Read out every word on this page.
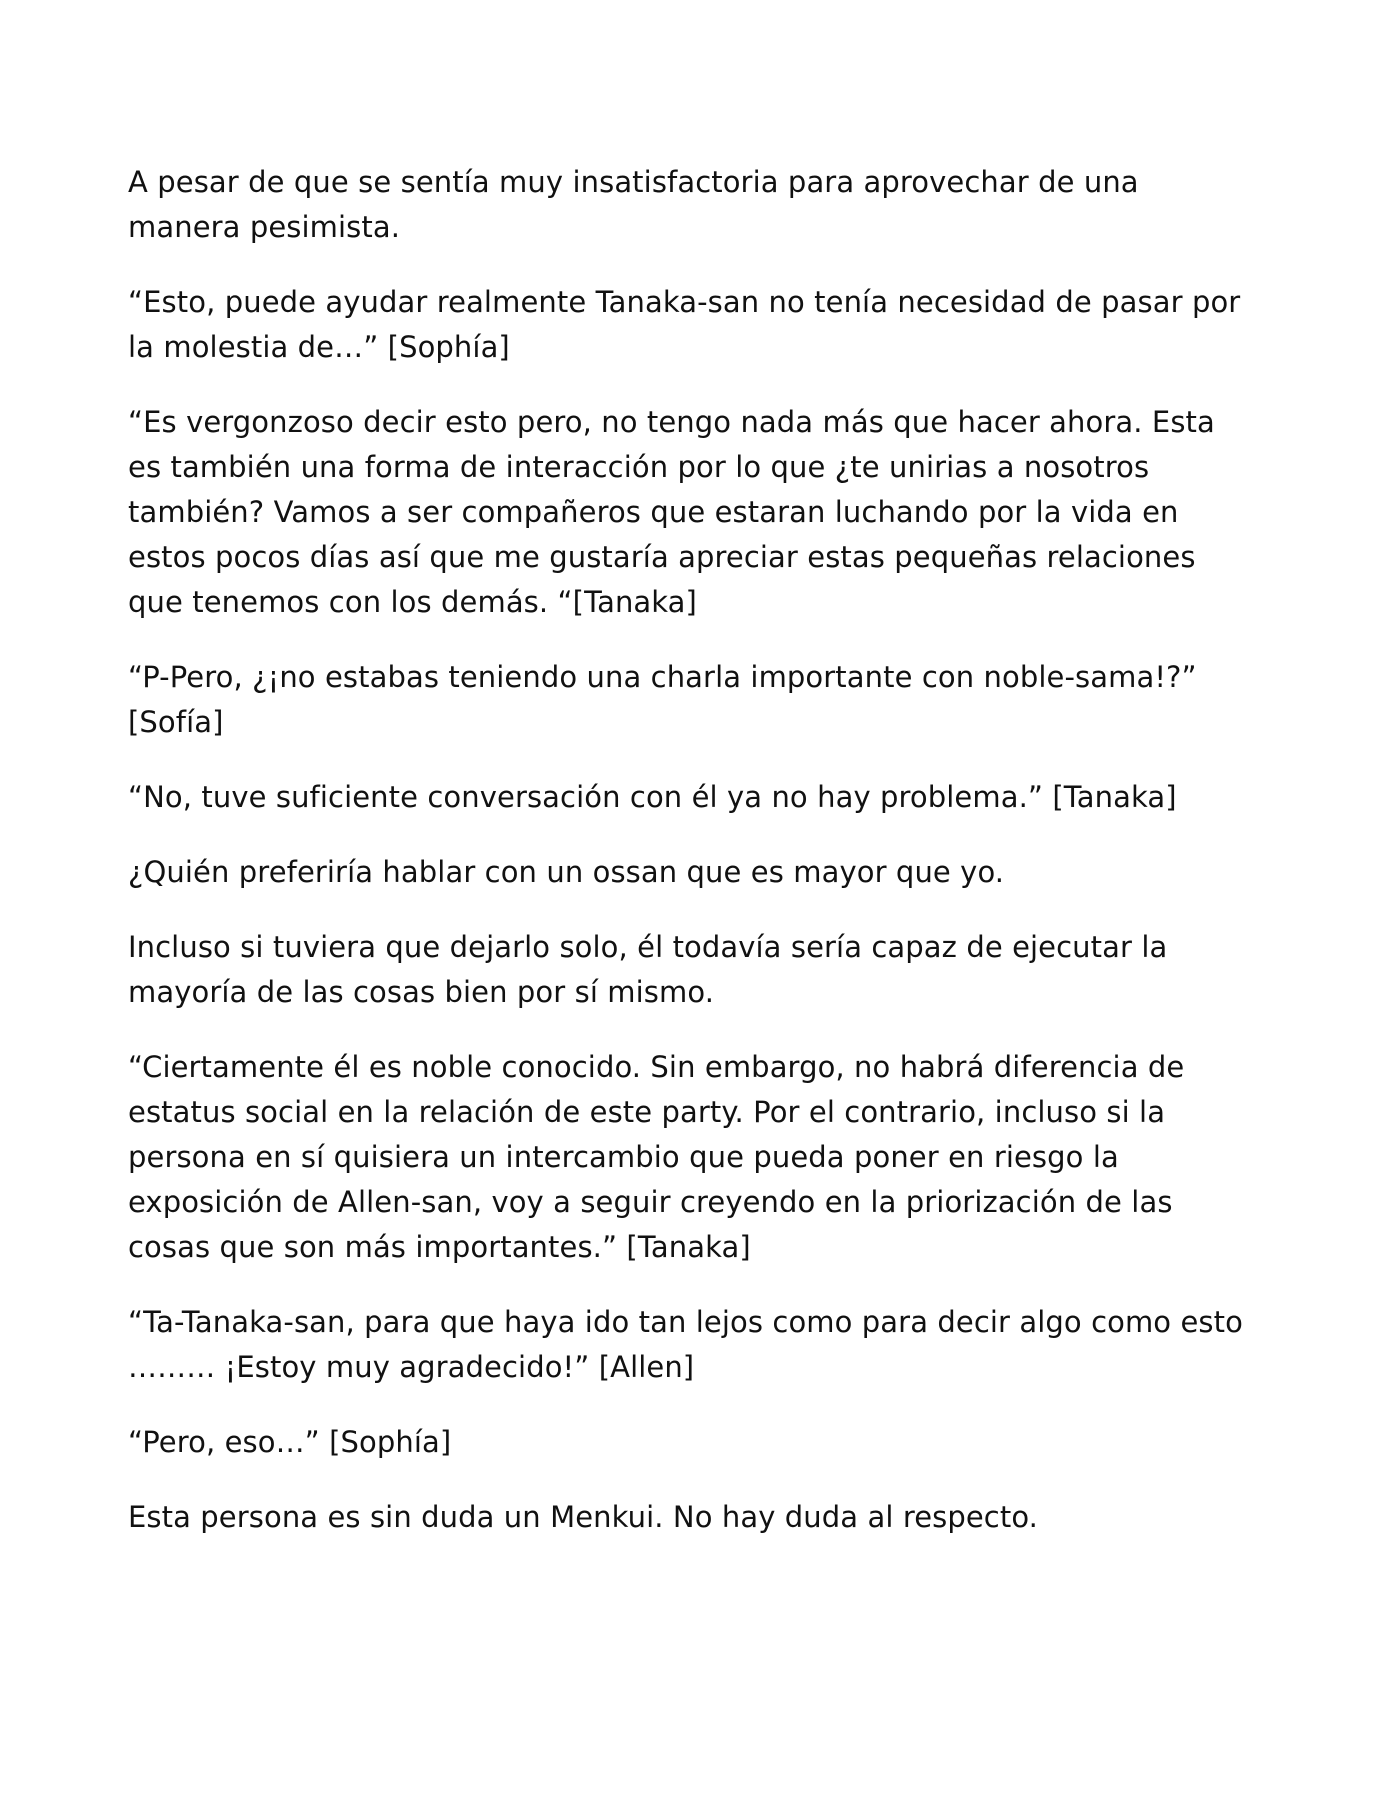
A pesar de que se sentía muy insatisfactoria para aprovechar de una manera pesimista.

“Esto, puede ayudar realmente Tanaka-san no tenía necesidad de pasar por la molestia de…” [Sophía]

“Es vergonzoso decir esto pero, no tengo nada más que hacer ahora. Esta es también una forma de interacción por lo que ¿te unirias a nosotros también? Vamos a ser compañeros que estaran luchando por la vida en estos pocos días así que me gustaría apreciar estas pequeñas relaciones que tenemos con los demás. “[Tanaka]

“P-Pero, ¿¡no estabas teniendo una charla importante con noble-sama!?” [Sofía]

“No, tuve suficiente conversación con él ya no hay problema.” [Tanaka]

¿Quién preferiría hablar con un ossan que es mayor que yo.

Incluso si tuviera que dejarlo solo, él todavía sería capaz de ejecutar la mayoría de las cosas bien por sí mismo.

“Ciertamente él es noble conocido. Sin embargo, no habrá diferencia de estatus social en la relación de este party. Por el contrario, incluso si la persona en sí quisiera un intercambio que pueda poner en riesgo la exposición de Allen-san, voy a seguir creyendo en la priorización de las cosas que son más importantes.” [Tanaka]

“Ta-Tanaka-san, para que haya ido tan lejos como para decir algo como esto ……… ¡Estoy muy agradecido!” [Allen]

“Pero, eso…” [Sophía]

Esta persona es sin duda un Menkui. No hay duda al respecto.
